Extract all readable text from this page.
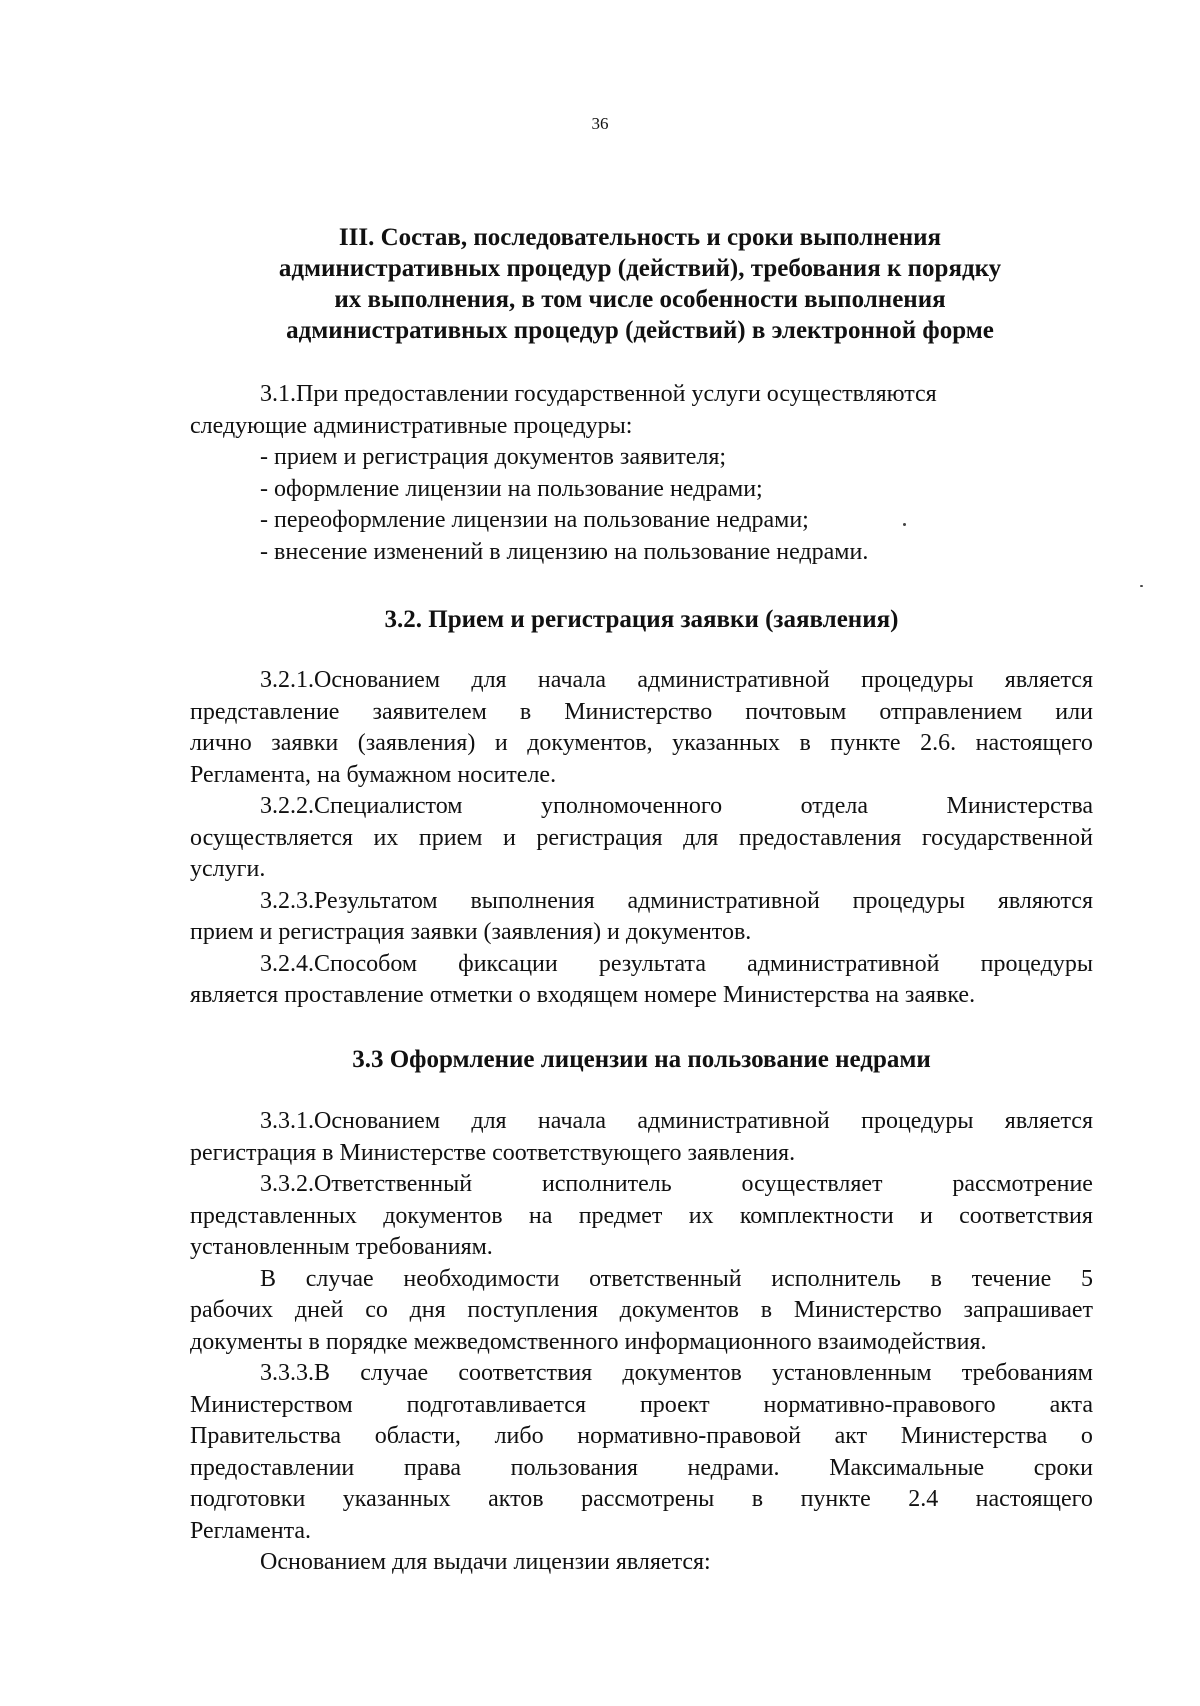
36
III. Состав, последовательность и сроки выполнения
административных процедур (действий), требования к порядку
их выполнения, в том числе особенности выполнения
административных процедур (действий) в электронной форме
3.1.При предоставлении государственной услуги осуществляются
следующие административные процедуры:
- прием и регистрация документов заявителя;
- оформление лицензии на пользование недрами;
- переоформление лицензии на пользование недрами;
- внесение изменений в лицензию на пользование недрами.
3.2. Прием и регистрация заявки (заявления)
3.2.1.Основанием для начала административной процедуры является
представление заявителем в Министерство почтовым отправлением или
лично заявки (заявления) и документов, указанных в пункте 2.6. настоящего
Регламента, на бумажном носителе.
3.2.2.Специалистом	уполномоченного	отдела	Министерства
осуществляется их прием и регистрация для предоставления государственной
услуги.
3.2.3.Результатом выполнения административной процедуры являются
прием и регистрация заявки (заявления) и документов.
3.2.4.Способом фиксации результата административной процедуры
является проставление отметки о входящем номере Министерства на заявке.
3.3 Оформление лицензии на пользование недрами
3.3.1.Основанием для начала административной процедуры является
регистрация в Министерстве соответствующего заявления.
3.3.2.Ответственный	исполнитель	осуществляет	рассмотрение
представленных документов на предмет их комплектности и соответствия
установленным требованиям.
В случае необходимости ответственный исполнитель в течение 5
рабочих дней со дня поступления документов в Министерство запрашивает
документы в порядке межведомственного информационного взаимодействия.
3.3.3.В случае соответствия документов установленным требованиям
Министерством подготавливается проект нормативно-правового акта
Правительства области, либо нормативно-правовой акт Министерства о
предоставлении права пользования недрами. Максимальные сроки
подготовки указанных актов рассмотрены в пункте 2.4 настоящего
Регламента.
Основанием для выдачи лицензии является:
